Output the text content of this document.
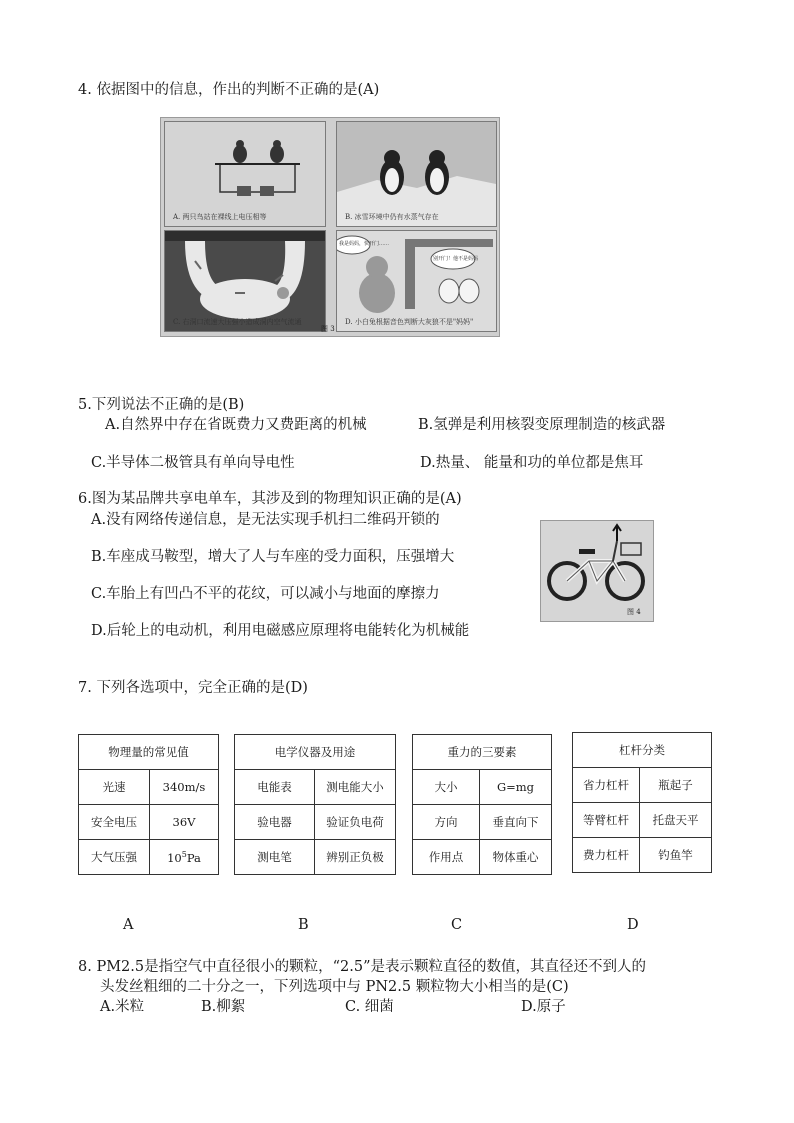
4. 依据图中的信息，作出的判断不正确的是(A)
A. 两只鸟站在裸线上电压相等	B. 冰雪环境中仍有水蒸气存在
C. 右洞口流速大压强小造成洞内空气流通
我是妈妈，快开门……
别开门！他不是妈妈
D. 小白兔根据音色判断大灰狼不是"妈妈"
图 3
5.下列说法不正确的是(B)
A.自然界中存在省既费力又费距离的机械	B.氢弹是利用核裂变原理制造的核武器
C.半导体二极管具有单向导电性	D.热量、 能量和功的单位都是焦耳
6.图为某品牌共享电单车，其涉及到的物理知识正确的是(A)
A.没有网络传递信息，是无法实现手机扫二维码开锁的
B.车座成马鞍型，增大了人与车座的受力面积，压强增大
C.车胎上有凹凸不平的花纹，可以减小与地面的摩擦力
D.后轮上的电动机，利用电磁感应原理将电能转化为机械能
图 4
7. 下列各选项中，完全正确的是(D)
物理量的常见值	
光速	340m/s
安全电压	36V
大气压强	$10^5Pa$
电学仪器及用途	
电能表	测电能大小
验电器	验证负电荷
测电笔	辨别正负极
重力的三要素	
大小	G=mg
方向	垂直向下
作用点	物体重心
杠杆分类	
省力杠杆	瓶起子
等臂杠杆	托盘天平
费力杠杆	钓鱼竿
A	B	C	D
8. PM2.5是指空气中直径很小的颗粒，“2.5”是表示颗粒直径的数值，其直径还不到人的
头发丝粗细的二十分之一，下列选项中与 PN2.5 颗粒物大小相当的是(C)
A.米粒	B.柳絮	C. 细菌	D.原子
